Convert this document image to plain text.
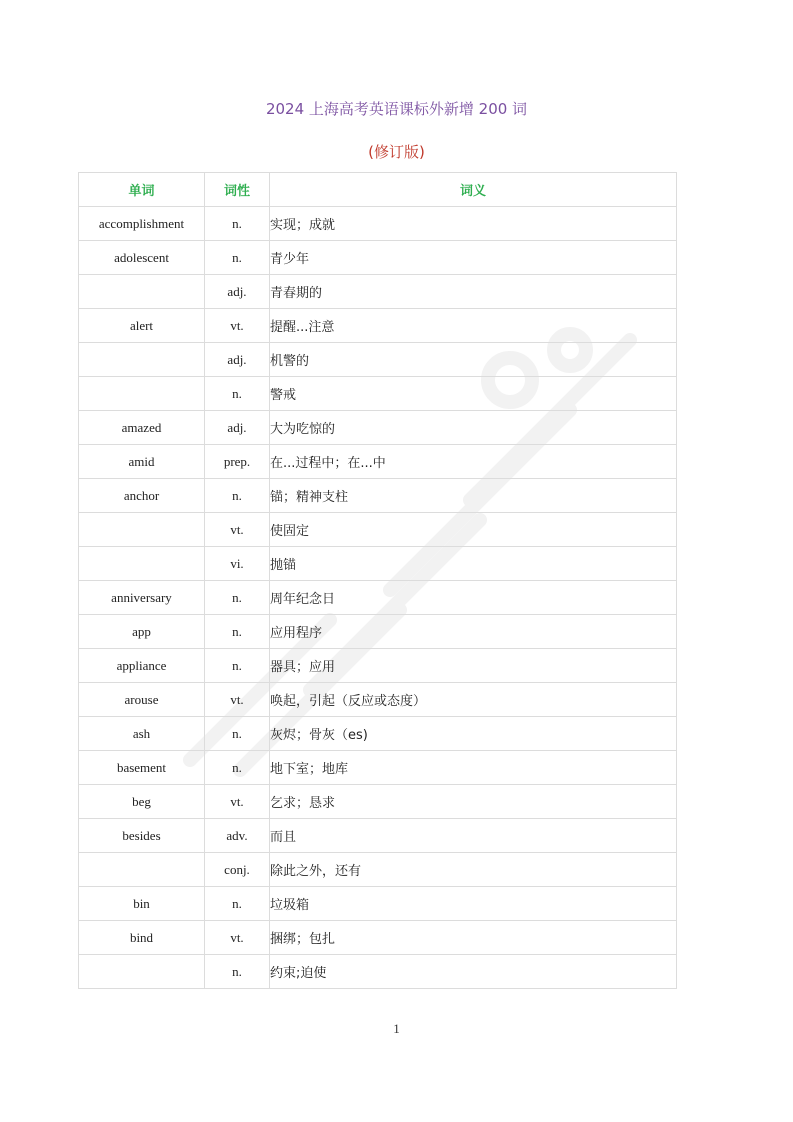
2024 上海高考英语课标外新增 200 词
(修订版)
单词	词性	词义
accomplishment	n.	实现；成就
adolescent	n.	青少年
	adj.	青春期的
alert	vt.	提醒...注意
	adj.	机警的
	n.	警戒
amazed	adj.	大为吃惊的
amid	prep.	在...过程中；在...中
anchor	n.	锚；精神支柱
	vt.	使固定
	vi.	抛锚
anniversary	n.	周年纪念日
app	n.	应用程序
appliance	n.	器具；应用
arouse	vt.	唤起，引起（反应或态度）
ash	n.	灰烬；骨灰（es)
basement	n.	地下室；地库
beg	vt.	乞求；恳求
besides	adv.	而且
	conj.	除此之外，还有
bin	n.	垃圾箱
bind	vt.	捆绑；包扎
	n.	约束;迫使
1
